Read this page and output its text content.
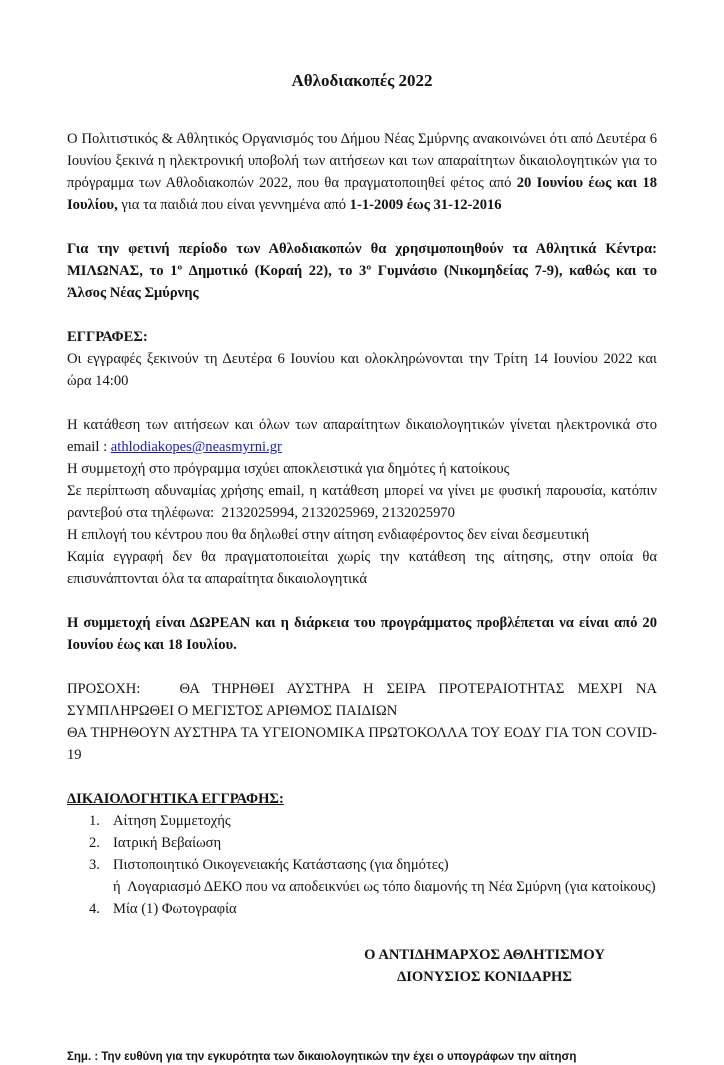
Αθλοδιακοπές 2022

Ο Πολιτιστικός & Αθλητικός Οργανισμός του Δήμου Νέας Σμύρνης ανακοινώνει ότι από Δευτέρα 6 Ιουνίου ξεκινά η ηλεκτρονική υποβολή των αιτήσεων και των απαραίτητων δικαιολογητικών για το πρόγραμμα των Αθλοδιακοπών 2022, που θα πραγματοποιηθεί φέτος από 20 Ιουνίου έως και 18 Ιουλίου, για τα παιδιά που είναι γεννημένα από 1-1-2009 έως 31-12-2016

Για την φετινή περίοδο των Αθλοδιακοπών θα χρησιμοποιηθούν τα Αθλητικά Κέντρα: ΜΙΛΩΝΑΣ, το 1º Δημοτικό (Κοραή 22), το 3º Γυμνάσιο (Νικομηδείας 7-9), καθώς και το Άλσος Νέας Σμύρνης

ΕΓΓΡΑΦΕΣ:

Οι εγγραφές ξεκινούν τη Δευτέρα 6 Ιουνίου και ολοκληρώνονται την Τρίτη 14 Ιουνίου 2022 και ώρα 14:00

Η κατάθεση των αιτήσεων και όλων των απαραίτητων δικαιολογητικών γίνεται ηλεκτρονικά στο email : athlodiakopes@neasmyrni.gr

Η συμμετοχή στο πρόγραμμα ισχύει αποκλειστικά για δημότες ή κατοίκους

Σε περίπτωση αδυναμίας χρήσης email, η κατάθεση μπορεί να γίνει με φυσική παρουσία, κατόπιν ραντεβού στα τηλέφωνα:  2132025994, 2132025969, 2132025970

Η επιλογή του κέντρου που θα δηλωθεί στην αίτηση ενδιαφέροντος δεν είναι δεσμευτική

Καμία εγγραφή δεν θα πραγματοποιείται χωρίς την κατάθεση της αίτησης, στην οποία θα επισυνάπτονται όλα τα απαραίτητα δικαιολογητικά

Η συμμετοχή είναι ΔΩΡΕΑΝ και η διάρκεια του προγράμματος προβλέπεται να είναι από 20 Ιουνίου έως και 18 Ιουλίου.

ΠΡΟΣΟΧΗ:   ΘΑ ΤΗΡΗΘΕΙ ΑΥΣΤΗΡΑ Η ΣΕΙΡΑ ΠΡΟΤΕΡΑΙΟΤΗΤΑΣ ΜΕΧΡΙ ΝΑ ΣΥΜΠΛΗΡΩΘΕΙ Ο ΜΕΓΙΣΤΟΣ ΑΡΙΘΜΟΣ ΠΑΙΔΙΩΝ

ΘΑ ΤΗΡΗΘΟΥΝ ΑΥΣΤΗΡΑ ΤΑ ΥΓΕΙΟΝΟΜΙΚΑ ΠΡΩΤΟΚΟΛΛΑ ΤΟΥ ΕΟΔΥ ΓΙΑ ΤΟΝ COVID-19

ΔΙΚΑΙΟΛΟΓΗΤΙΚΑ ΕΓΓΡΑΦΗΣ:
1. Αίτηση Συμμετοχής
2. Ιατρική Βεβαίωση
3. Πιστοποιητικό Οικογενειακής Κατάστασης (για δημότες)
ή  Λογαριασμό ΔΕΚΟ που να αποδεικνύει ως τόπο διαμονής τη Νέα Σμύρνη (για κατοίκους)
4. Μία (1) Φωτογραφία
Ο ΑΝΤΙΔΗΜΑΡΧΟΣ ΑΘΛΗΤΙΣΜΟΥ
ΔΙΟΝΥΣΙΟΣ ΚΟΝΙΔΑΡΗΣ
Σημ. : Την ευθύνη για την εγκυρότητα των δικαιολογητικών την έχει ο υπογράφων την αίτηση
